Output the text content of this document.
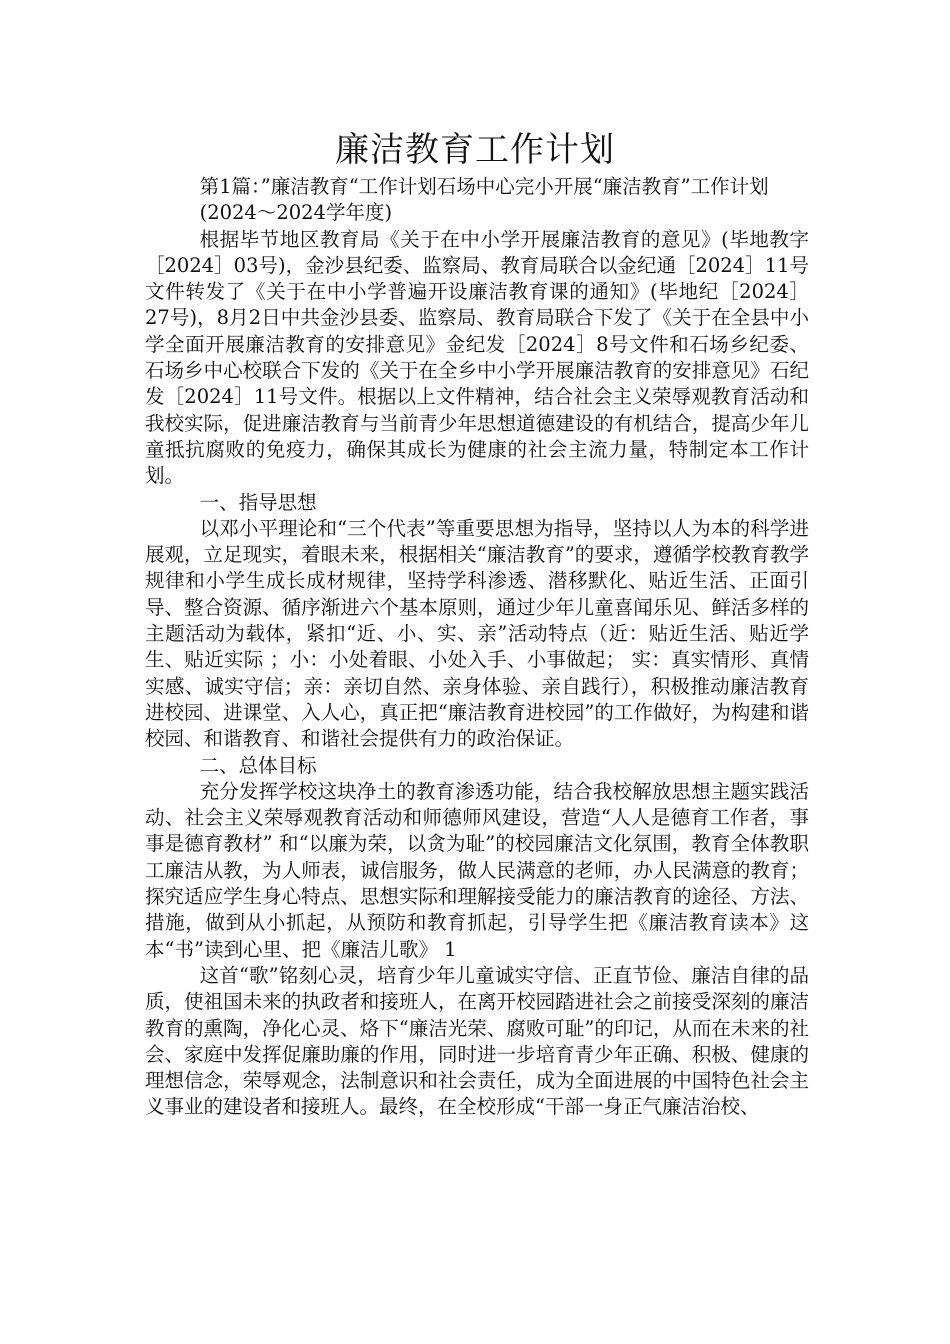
廉洁教育工作计划

第1篇：”廉洁教育“工作计划石场中心完小开展“廉洁教育”工作计划

(2024～2024学年度)

根据毕节地区教育局《关于在中小学开展廉洁教育的意见》(毕地教字［2024］03号)，金沙县纪委、监察局、教育局联合以金纪通［2024］11号文件转发了《关于在中小学普遍开设廉洁教育课的通知》(毕地纪［2024］27号)，8月2日中共金沙县委、监察局、教育局联合下发了《关于在全县中小学全面开展廉洁教育的安排意见》金纪发［2024］8号文件和石场乡纪委、石场乡中心校联合下发的《关于在全乡中小学开展廉洁教育的安排意见》石纪发［2024］11号文件。根据以上文件精神，结合社会主义荣辱观教育活动和我校实际，促进廉洁教育与当前青少年思想道德建设的有机结合，提高少年儿童抵抗腐败的免疫力，确保其成长为健康的社会主流力量，特制定本工作计划。

一、指导思想

以邓小平理论和“三个代表”等重要思想为指导，坚持以人为本的科学进展观，立足现实，着眼未来，根据相关“廉洁教育”的要求，遵循学校教育教学规律和小学生成长成材规律，坚持学科渗透、潜移默化、贴近生活、正面引导、整合资源、循序渐进六个基本原则，通过少年儿童喜闻乐见、鲜活多样的主题活动为载体，紧扣“近、小、实、亲”活动特点（近：贴近生活、贴近学生、贴近实际 ；小：小处着眼、小处入手、小事做起； 实：真实情形、真情实感、诚实守信；亲：亲切自然、亲身体验、亲自践行），积极推动廉洁教育进校园、进课堂、入人心，真正把“廉洁教育进校园”的工作做好，为构建和谐校园、和谐教育、和谐社会提供有力的政治保证。

二、总体目标

充分发挥学校这块净土的教育渗透功能，结合我校解放思想主题实践活动、社会主义荣辱观教育活动和师德师风建设，营造“人人是德育工作者，事事是德育教材” 和“以廉为荣，以贪为耻”的校园廉洁文化氛围，教育全体教职工廉洁从教，为人师表，诚信服务，做人民满意的老师，办人民满意的教育；探究适应学生身心特点、思想实际和理解接受能力的廉洁教育的途径、方法、措施，做到从小抓起，从预防和教育抓起，引导学生把《廉洁教育读本》这本“书”读到心里、把《廉洁儿歌》 1

这首“歌”铭刻心灵，培育少年儿童诚实守信、正直节俭、廉洁自律的品质，使祖国未来的执政者和接班人，在离开校园踏进社会之前接受深刻的廉洁教育的熏陶，净化心灵、烙下“廉洁光荣、腐败可耻”的印记，从而在未来的社会、家庭中发挥促廉助廉的作用，同时进一步培育青少年正确、积极、健康的理想信念，荣辱观念，法制意识和社会责任，成为全面进展的中国特色社会主义事业的建设者和接班人。最终，在全校形成“干部一身正气廉洁治校、
